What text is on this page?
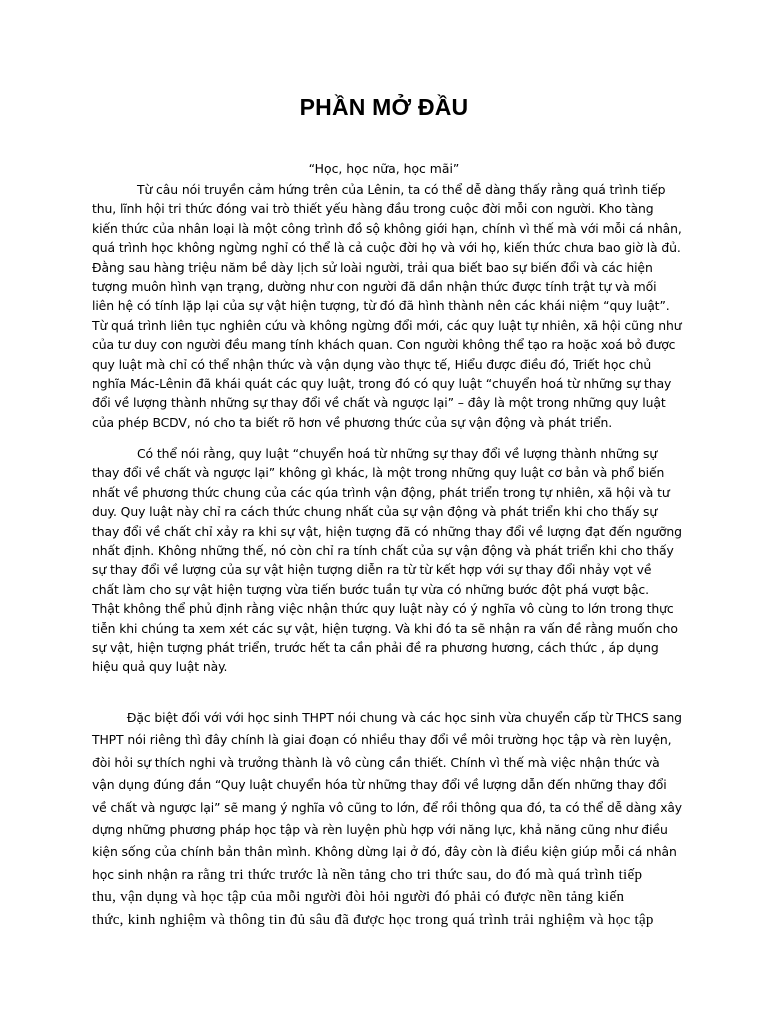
PHẦN MỞ ĐẦU

“Học, học nữa, học mãi”

Từ câu nói truyền cảm hứng trên của Lênin, ta có thể dễ dàng thấy rằng quá trình tiếp
thu, lĩnh hội tri thức đóng vai trò thiết yếu hàng đầu trong cuộc đời mỗi con người. Kho tàng
kiến thức của nhân loại là một công trình đồ sộ không giới hạn, chính vì thế mà với mỗi cá nhân,
quá trình học không ngừng nghỉ có thể là cả cuộc đời họ và với họ, kiến thức chưa bao giờ là đủ.
Đằng sau hàng triệu năm bề dày lịch sử loài người, trải qua biết bao sự biến đổi và các hiện
tượng muôn hình vạn trạng, dường như con người đã dần nhận thức được tính trật tự và mối
liên hệ có tính lặp lại của sự vật hiện tượng, từ đó đã hình thành nên các khái niệm “quy luật”.
Từ quá trình liên tục nghiên cứu và không ngừng đổi mới, các quy luật tự nhiên, xã hội cũng như
của tư duy con người đều mang tính khách quan. Con người không thể tạo ra hoặc xoá bỏ được
quy luật mà chỉ có thể nhận thức và vận dụng vào thực tế, Hiểu được điều đó, Triết học chủ
nghĩa Mác-Lênin đã khái quát các quy luật, trong đó có quy luật “chuyển hoá từ những sự thay
đổi về lượng thành những sự thay đổi về chất và ngược lại” – đây là một trong những quy luật
của phép BCDV, nó cho ta biết rõ hơn về phương thức của sự vận động và phát triển.
Có thể nói rằng, quy luật “chuyển hoá từ những sự thay đổi về lượng thành những sự
thay đổi về chất và ngược lại” không gì khác, là một trong những quy luật cơ bản và phổ biến
nhất về phương thức chung của các qúa trình vận động, phát triển trong tự nhiên, xã hội và tư
duy. Quy luật này chỉ ra cách thức chung nhất của sự vận động và phát triển khi cho thấy sự
thay đổi về chất chỉ xảy ra khi sự vật, hiện tượng đã có những thay đổi về lượng đạt đến ngưỡng
nhất định. Không những thế, nó còn chỉ ra tính chất của sự vận động và phát triển khi cho thấy
sự thay đổi về lượng của sự vật hiện tượng diễn ra từ từ kết hợp với sự thay đổi nhảy vọt về
chất làm cho sự vật hiện tượng vừa tiến bước tuần tự vừa có những bước đột phá vượt bậc.
Thật không thể phủ định rằng việc nhận thức quy luật này có ý nghĩa vô cùng to lớn trong thực
tiễn khi chúng ta xem xét các sự vật, hiện tượng. Và khi đó ta sẽ nhận ra vấn đề rằng muốn cho
sự vật, hiện tượng phát triển, trước hết ta cần phải đề ra phương hương, cách thức , áp dụng
hiệu quả quy luật này.
Đặc biệt đối với với học sinh THPT nói chung và các học sinh vừa chuyển cấp từ THCS sang
THPT nói riêng thì đây chính là giai đoạn có nhiều thay đổi về môi trường học tập và rèn luyện,
đòi hỏi sự thích nghi và trưởng thành là vô cùng cần thiết. Chính vì thế mà việc nhận thức và
vận dụng đúng đắn “Quy luật chuyển hóa từ những thay đổi về lượng dẫn đến những thay đổi
về chất và ngược lại” sẽ mang ý nghĩa vô cũng to lớn, để rồi thông qua đó, ta có thể dễ dàng xây
dựng những phương pháp học tập và rèn luyện phù hợp với năng lực, khả năng cũng như điều
kiện sống của chính bản thân mình. Không dừng lại ở đó, đây còn là điều kiện giúp mỗi cá nhân
học sinh nhận ra rằng tri thức trước là nền tảng cho tri thức sau, do đó mà quá trình tiếp
thu, vận dụng và học tập của mỗi người đòi hỏi người đó phải có được nền tảng kiến
thức, kinh nghiệm và thông tin đủ sâu đã được học trong quá trình trải nghiệm và học tập
